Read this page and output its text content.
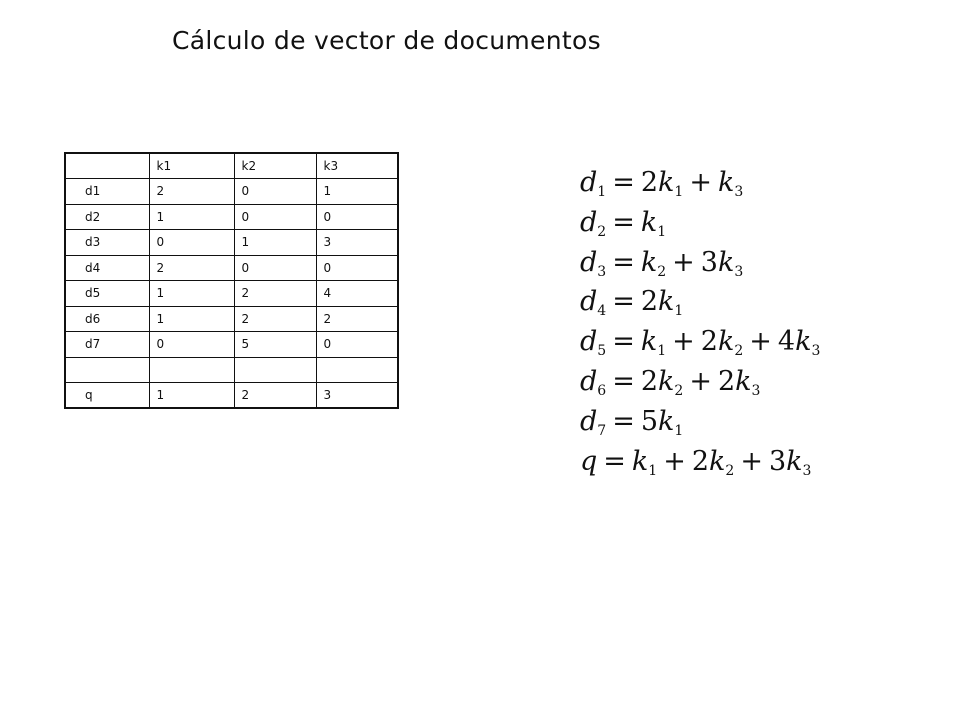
Cálculo de vector de documentos
	k1	k2	k3
d1	2	0	1
d2	1	0	0
d3	0	1	3
d4	2	0	0
d5	1	2	4
d6	1	2	2
d7	0	5	0

q	1	2	3
$d_1 = 2k_1 + k_3$
$d_2 = k_1$
$d_3 = k_2 + 3k_3$
$d_4 = 2k_1$
$d_5 = k_1 + 2k_2 + 4k_3$
$d_6 = 2k_2 + 2k_3$
$d_7 = 5k_1$
$q = k_1 + 2k_2 + 3k_3$
